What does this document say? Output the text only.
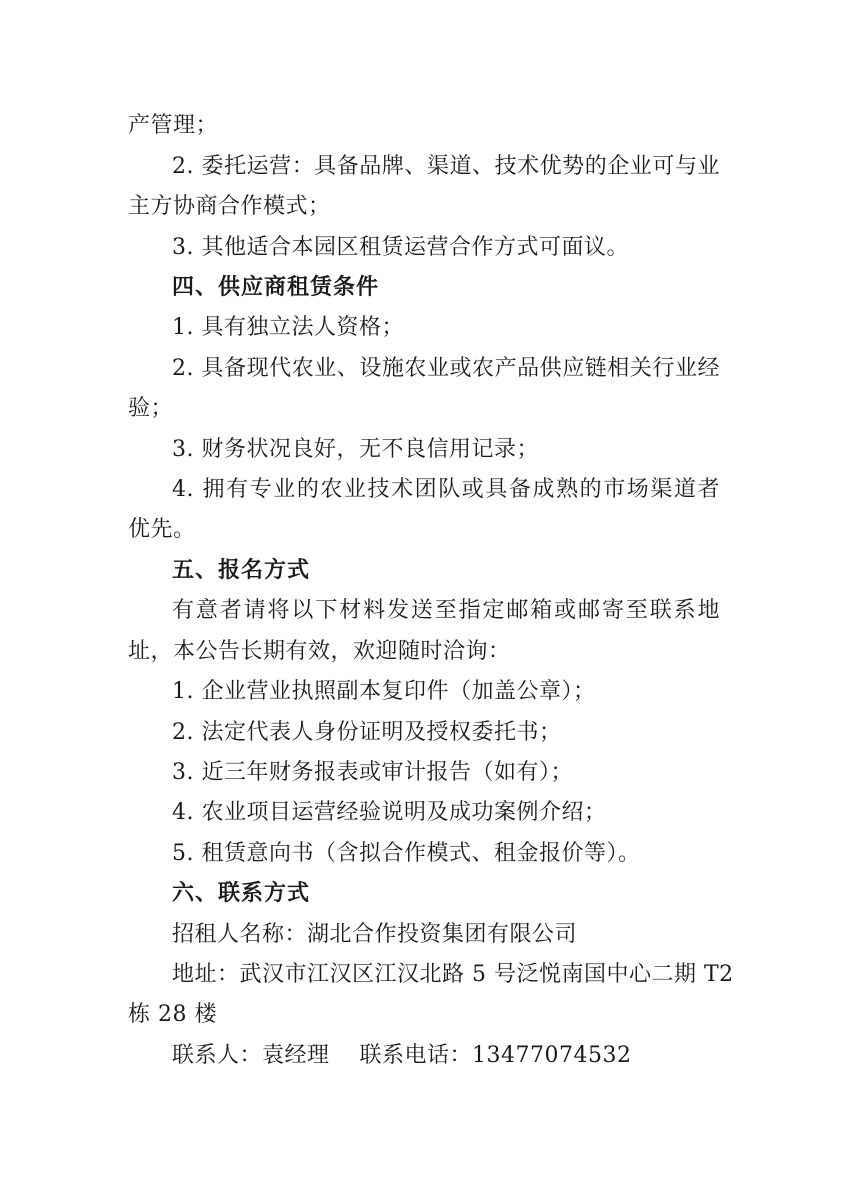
产管理；
2. 委托运营：具备品牌、渠道、技术优势的企业可与业
主方协商合作模式；
3. 其他适合本园区租赁运营合作方式可面议。
四、供应商租赁条件
1. 具有独立法人资格；
2. 具备现代农业、设施农业或农产品供应链相关行业经
验；
3. 财务状况良好，无不良信用记录；
4. 拥有专业的农业技术团队或具备成熟的市场渠道者
优先。
五、报名方式
有意者请将以下材料发送至指定邮箱或邮寄至联系地
址，本公告长期有效，欢迎随时洽询：
1. 企业营业执照副本复印件（加盖公章）；
2. 法定代表人身份证明及授权委托书；
3. 近三年财务报表或审计报告（如有）；
4. 农业项目运营经验说明及成功案例介绍；
5. 租赁意向书（含拟合作模式、租金报价等）。
六、联系方式
招租人名称：湖北合作投资集团有限公司
地址：武汉市江汉区江汉北路 5 号泛悦南国中心二期 T2
栋 28 楼
联系人：袁经理　 联系电话：13477074532
